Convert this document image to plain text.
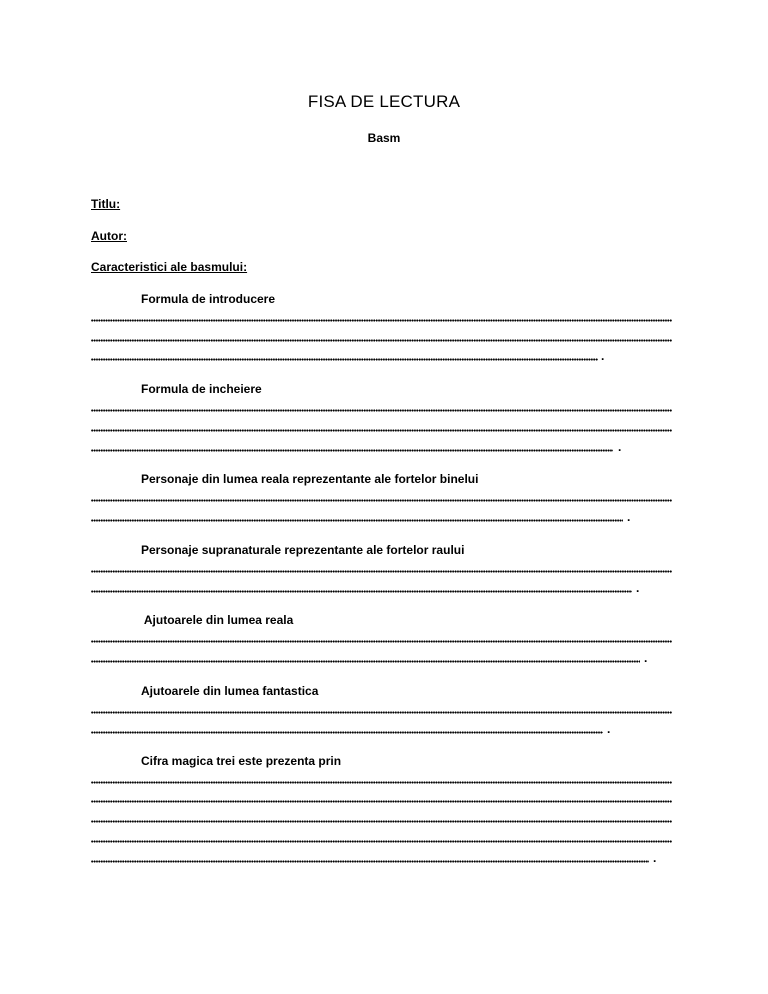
FISA DE LECTURA
Basm
Titlu:
Autor:
Caracteristici ale basmului:
Formula de introducere
.
Formula de incheiere
.
Personaje din lumea reala reprezentante ale fortelor binelui
.
Personaje supranaturale reprezentante ale fortelor raului
.
Ajutoarele din lumea reala
.
Ajutoarele din lumea fantastica
.
Cifra magica trei este prezenta prin
.
